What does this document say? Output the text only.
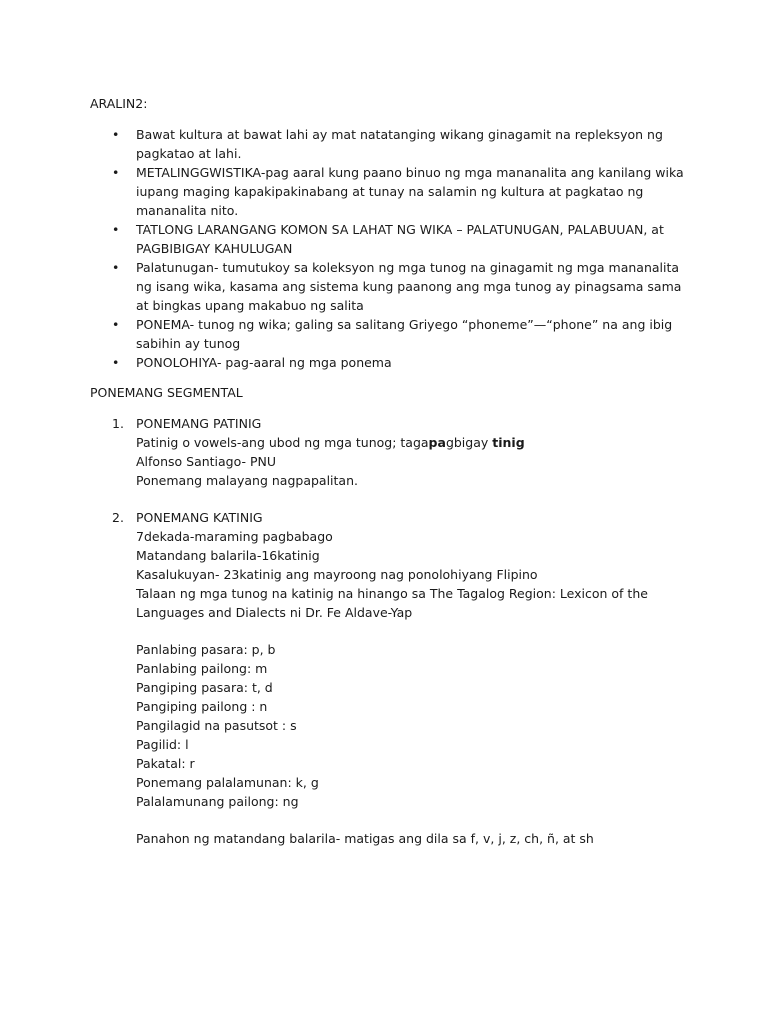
ARALIN2:

• Bawat kultura at bawat lahi ay mat natatanging wikang ginagamit na repleksyon ng pagkatao at lahi.
• METALINGGWISTIKA-pag aaral kung paano binuo ng mga mananalita ang kanilang wika iupang maging kapakipakinabang at tunay na salamin ng kultura at pagkatao ng mananalita nito.
• TATLONG LARANGANG KOMON SA LAHAT NG WIKA – PALATUNUGAN, PALABUUAN, at PAGBIBIGAY KAHULUGAN
• Palatunugan- tumutukoy sa koleksyon ng mga tunog na ginagamit ng mga mananalita ng isang wika, kasama ang sistema kung paanong ang mga tunog ay pinagsama sama at bingkas upang makabuo ng salita
• PONEMA- tunog ng wika; galing sa salitang Griyego “phoneme”—“phone” na ang ibig sabihin ay tunog
• PONOLOHIYA- pag-aaral ng mga ponema

PONEMANG SEGMENTAL

1. PONEMANG PATINIG

Patinig o vowels-ang ubod ng mga tunog; tagapagbigay tinig

Alfonso Santiago- PNU

Ponemang malayang nagpapalitan.

2. PONEMANG KATINIG

7dekada-maraming pagbabago

Matandang balarila-16katinig

Kasalukuyan- 23katinig ang mayroong nag ponolohiyang Flipino

Talaan ng mga tunog na katinig na hinango sa The Tagalog Region: Lexicon of the Languages and Dialects ni Dr. Fe Aldave-Yap

Panlabing pasara: p, b

Panlabing pailong: m

Pangiping pasara: t, d

Pangiping pailong : n

Pangilagid na pasutsot : s

Pagilid: l

Pakatal: r

Ponemang palalamunan: k, g

Palalamunang pailong: ng

Panahon ng matandang balarila- matigas ang dila sa f, v, j, z, ch, ñ, at sh
